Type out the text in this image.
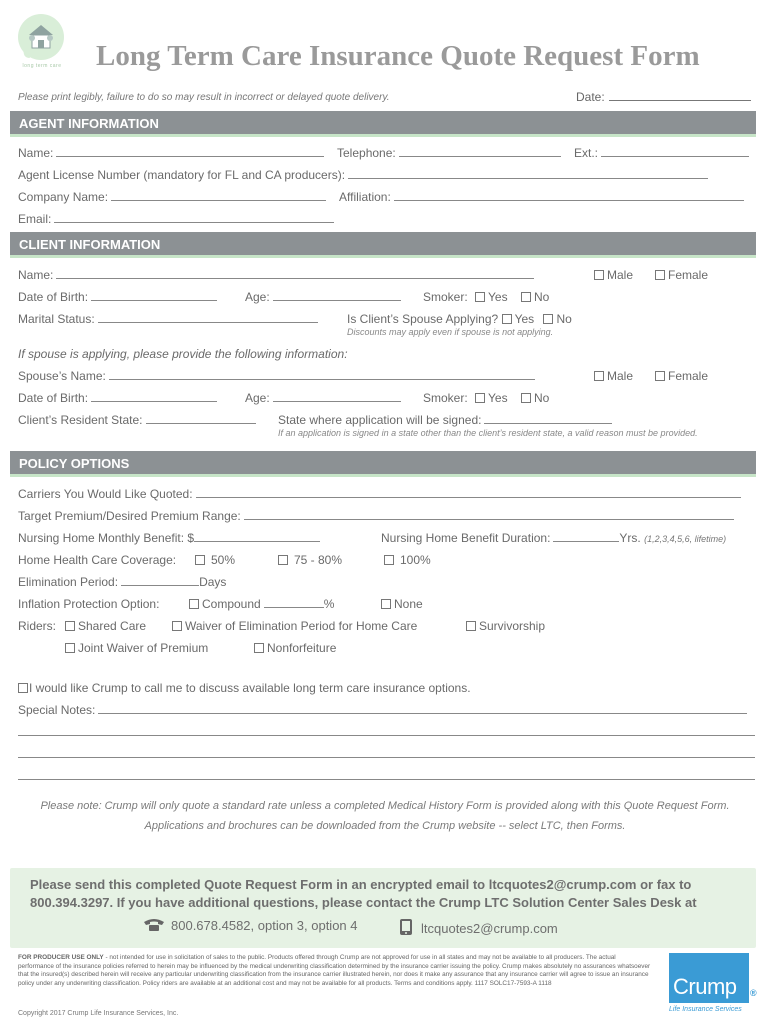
long term care Long Term Care Insurance Quote Request Form
Please print legibly, failure to do so may result in incorrect or delayed quote delivery.	Date:
AGENT INFORMATION
Name:	Telephone:	Ext.:
Agent License Number (mandatory for FL and CA producers):
Company Name:	Affiliation:
Email:
CLIENT INFORMATION
Name:	Male	Female
Date of Birth:	Age:	Smoker: Yes No
Marital Status:	Is Client’s Spouse Applying? Yes No
Discounts may apply even if spouse is not applying.
If spouse is applying, please provide the following information:
Spouse’s Name:	Male	Female
Date of Birth:	Age:	Smoker: Yes No
Client’s Resident State:	State where application will be signed:
If an application is signed in a state other than the client’s resident state, a valid reason must be provided.
POLICY OPTIONS
Carriers You Would Like Quoted:
Target Premium/Desired Premium Range:
Nursing Home Monthly Benefit: $	Nursing Home Benefit Duration:	Yrs. (1,2,3,4,5,6, lifetime)
Home Health Care Coverage:	50%	75 - 80%	100%
Elimination Period:	Days
Inflation Protection Option:	Compound	%	None
Riders:	Shared Care	Waiver of Elimination Period for Home Care	Survivorship
Joint Waiver of Premium	Nonforfeiture
I would like Crump to call me to discuss available long term care insurance options.
Special Notes:
Please note: Crump will only quote a standard rate unless a completed Medical History Form is provided along with this Quote Request Form.
Applications and brochures can be downloaded from the Crump website -- select LTC, then Forms.
Please send this completed Quote Request Form in an encrypted email to ltcquotes2@crump.com or fax to
800.394.3297. If you have additional questions, please contact the Crump LTC Solution Center Sales Desk at
800.678.4582, option 3, option 4	ltcquotes2@crump.com
FOR PRODUCER USE ONLY - not intended for use in solicitation of sales to the public. Products offered through Crump are not approved for use in all states and may not be available to all producers. The actual performance of the insurance policies referred to herein may be influenced by the medical underwriting classification determined by the insurance carrier issuing the policy. Crump makes absolutely no assurances whatsoever that the insured(s) described herein will receive any particular underwriting classification from the insurance carrier illustrated herein, nor does it make any assurance that any insurance carrier will agree to issue an insurance policy under any underwriting classification. Policy riders are available at an additional cost and may not be available for all products. Terms and conditions apply. 1117 SOLC17-7593-A 1118
Copyright 2017 Crump Life Insurance Services, Inc.
Crump ®
Life Insurance Services
